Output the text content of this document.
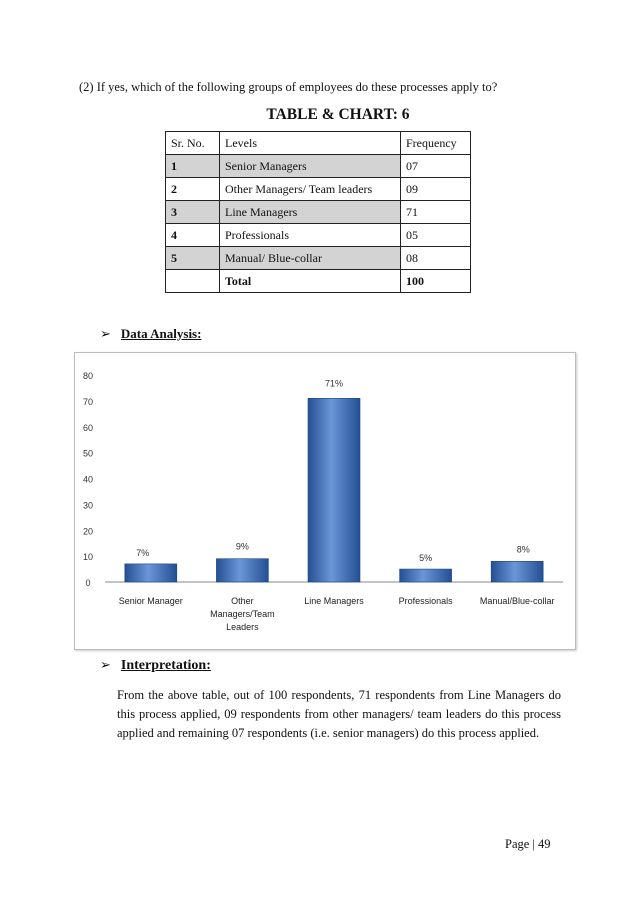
(2) If yes, which of the following groups of employees do these processes apply to?
TABLE & CHART: 6
Sr. No.	Levels	Frequency
1	Senior Managers	07
2	Other Managers/ Team leaders	09
3	Line Managers	71
4	Professionals	05
5	Manual/ Blue-collar	08
	Total	100
➢ Data Analysis:
0
10
20
30
40
50
60
70
80
7%
Senior Manager
9%
Other
Managers/Team
Leaders
71%
Line Managers
5%
Professionals
8%
Manual/Blue-collar
➢ Interpretation:
From the above table, out of 100 respondents, 71 respondents from Line Managers do this process applied, 09 respondents from other managers/ team leaders do this process applied and remaining 07 respondents (i.e. senior managers) do this process applied.
Page | 49
